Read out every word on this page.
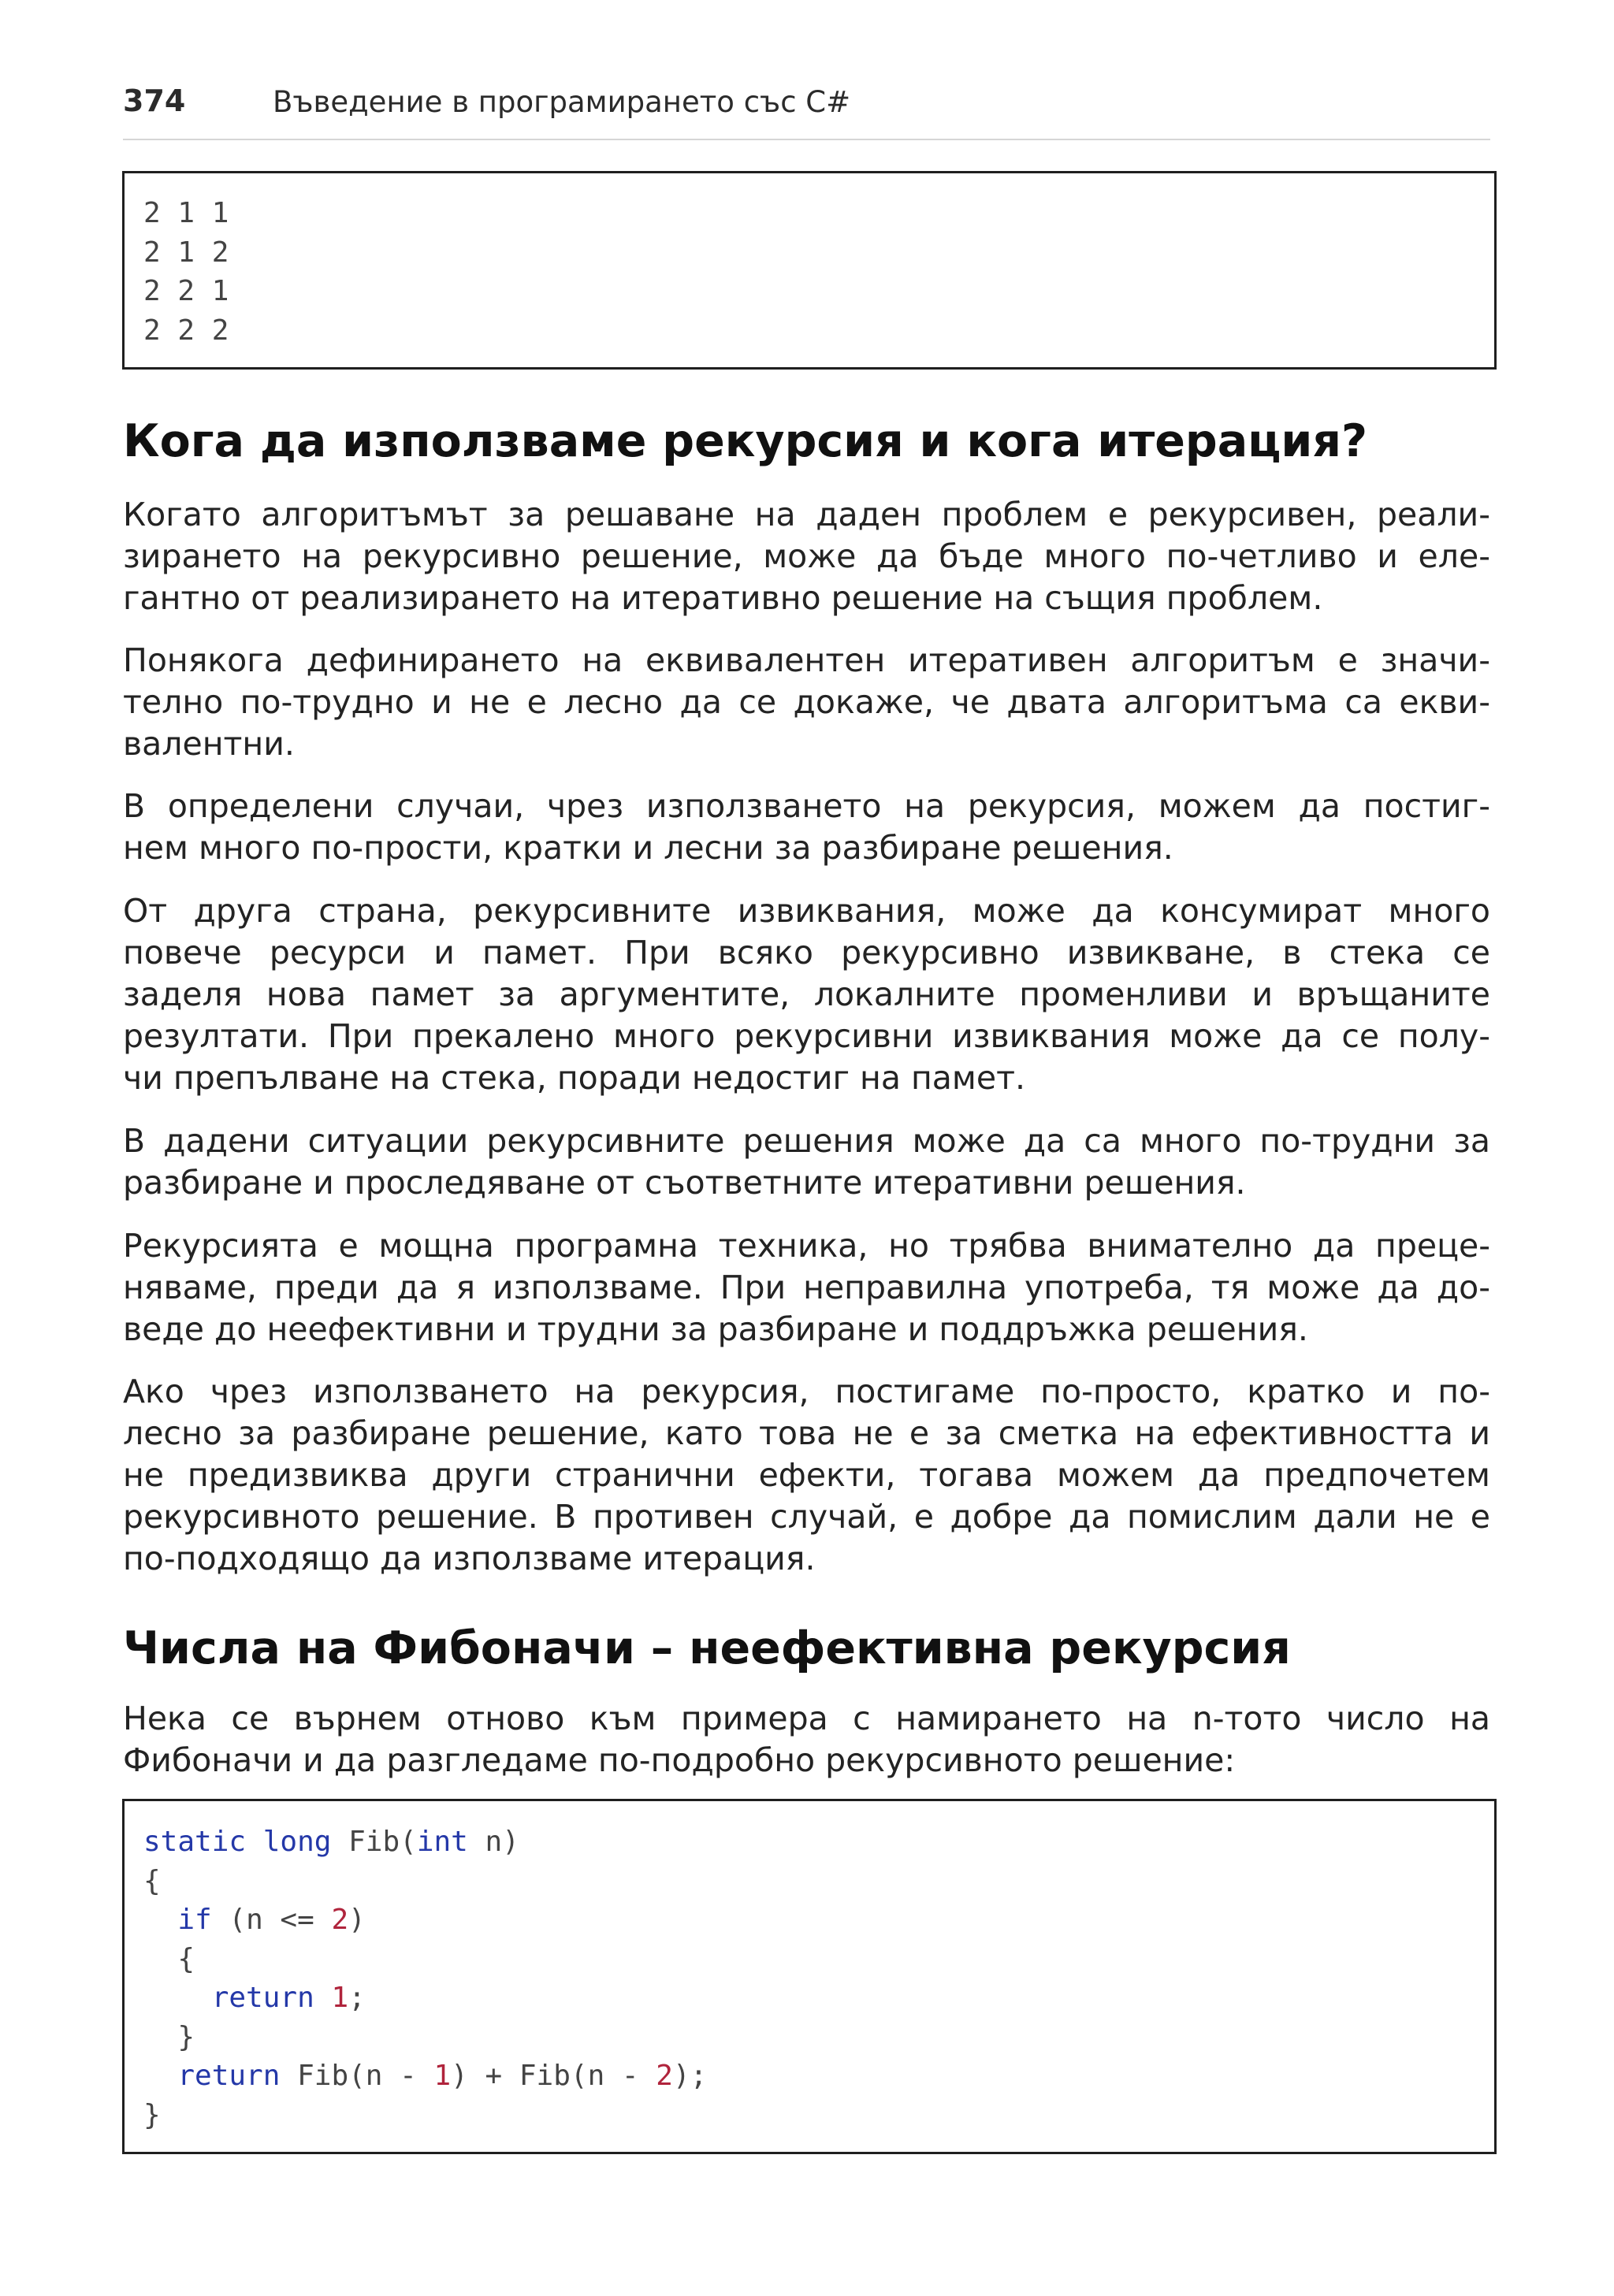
374	Въведение в програмирането със C#
2 1 1
2 1 2
2 2 1
2 2 2
Кога да използваме рекурсия и кога итерация?
Когато алгоритъмът за решаване на даден проблем е рекурсивен, реали-
зирането на рекурсивно решение, може да бъде много по-четливо и еле-
гантно от реализирането на итеративно решение на същия проблем.
Понякога дефинирането на еквивалентен итеративен алгоритъм е значи-
телно по-трудно и не е лесно да се докаже, че двата алгоритъма са екви-
валентни.
В определени случаи, чрез използването на рекурсия, можем да постиг-
нем много по-прости, кратки и лесни за разбиране решения.
От друга страна, рекурсивните извиквания, може да консумират много
повече ресурси и памет. При всяко рекурсивно извикване, в стека се
заделя нова памет за аргументите, локалните променливи и връщаните
резултати. При прекалено много рекурсивни извиквания може да се полу-
чи препълване на стека, поради недостиг на памет.
В дадени ситуации рекурсивните решения може да са много по-трудни за
разбиране и проследяване от съответните итеративни решения.
Рекурсията е мощна програмна техника, но трябва внимателно да преце-
няваме, преди да я използваме. При неправилна употреба, тя може да до-
веде до неефективни и трудни за разбиране и поддръжка решения.
Ако чрез използването на рекурсия, постигаме по-просто, кратко и по-
лесно за разбиране решение, като това не е за сметка на ефективността и
не предизвиква други странични ефекти, тогава можем да предпочетем
рекурсивното решение. В противен случай, е добре да помислим дали не е
по-подходящо да използваме итерация.
Числа на Фибоначи – неефективна рекурсия
Нека се върнем отново към примера с намирането на n-тото число на
Фибоначи и да разгледаме по-подробно рекурсивното решение:
static long Fib(int n)
{
if (n <= 2)
{
return 1;
}
return Fib(n - 1) + Fib(n - 2);
}
